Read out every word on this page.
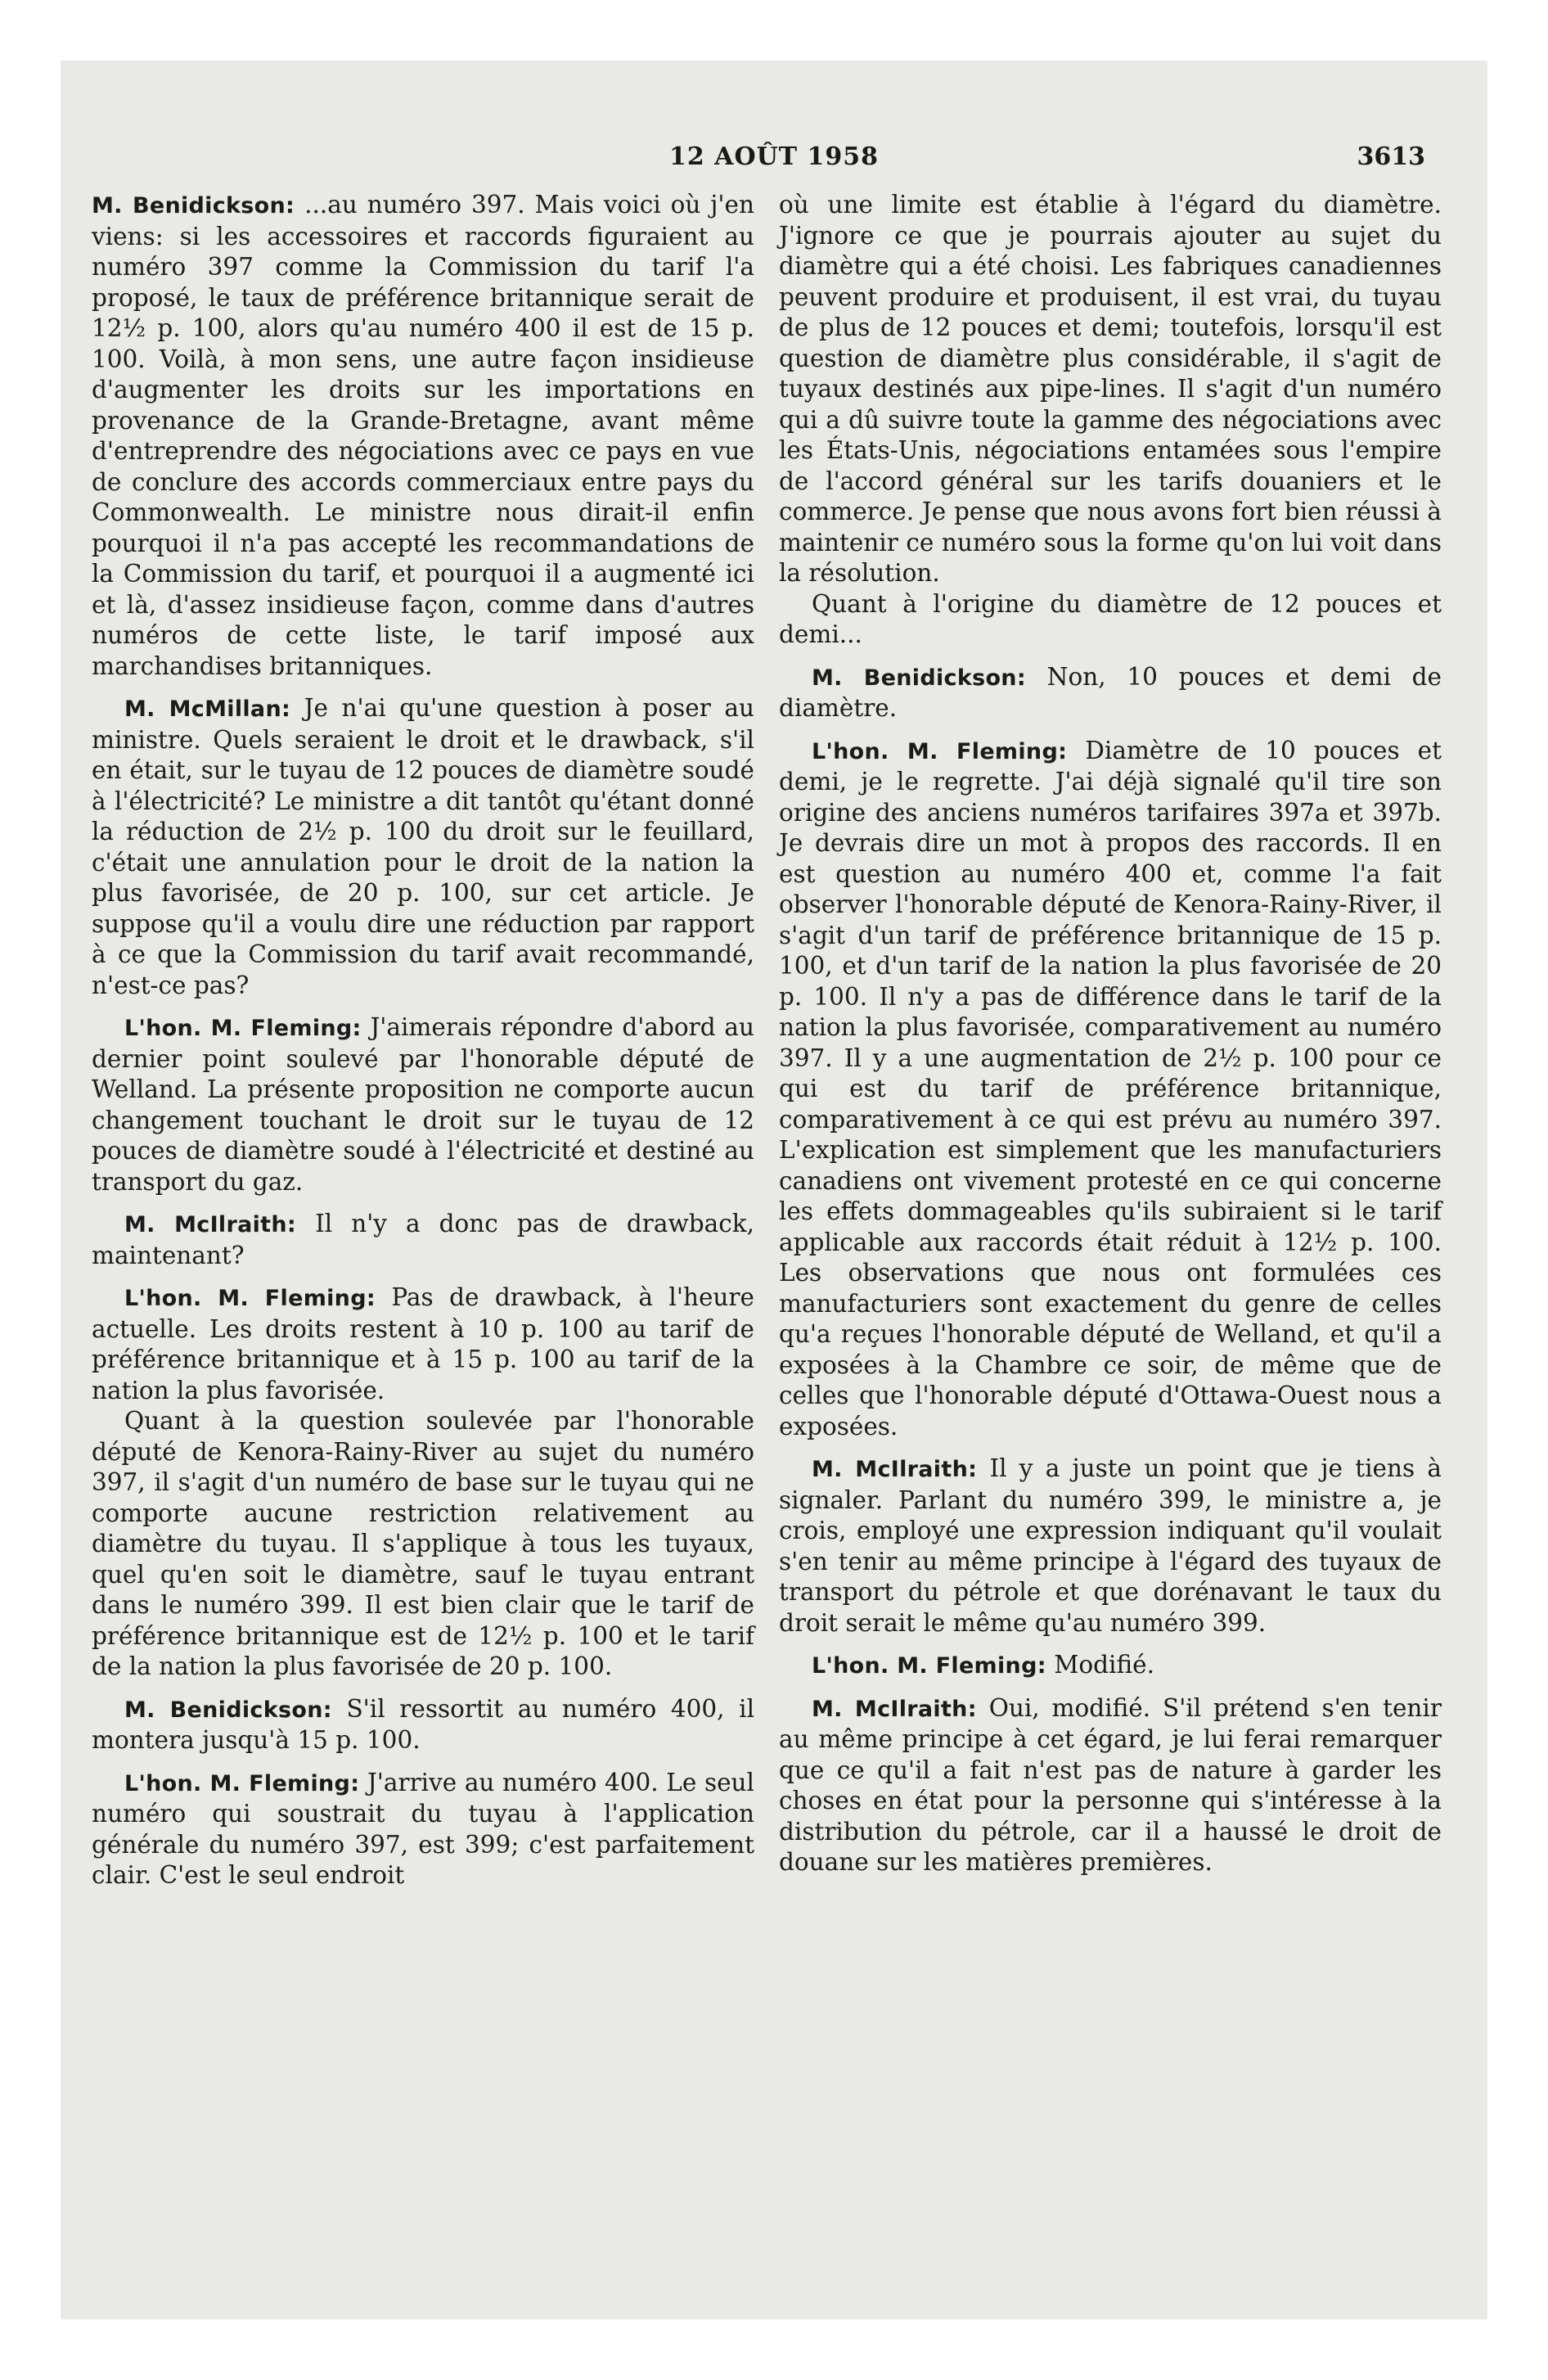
12 AOÛT 1958	3613

M. Benidickson: ...au numéro 397. Mais voici où j'en viens: si les accessoires et raccords figuraient au numéro 397 comme la Commission du tarif l'a proposé, le taux de préférence britannique serait de 12½ p. 100, alors qu'au numéro 400 il est de 15 p. 100. Voilà, à mon sens, une autre façon insidieuse d'augmenter les droits sur les importations en provenance de la Grande-Bretagne, avant même d'entreprendre des négociations avec ce pays en vue de conclure des accords commerciaux entre pays du Commonwealth. Le ministre nous dirait-il enfin pourquoi il n'a pas accepté les recommandations de la Commission du tarif, et pourquoi il a augmenté ici et là, d'assez insidieuse façon, comme dans d'autres numéros de cette liste, le tarif imposé aux marchandises britanniques.

M. McMillan: Je n'ai qu'une question à poser au ministre. Quels seraient le droit et le drawback, s'il en était, sur le tuyau de 12 pouces de diamètre soudé à l'électricité? Le ministre a dit tantôt qu'étant donné la réduction de 2½ p. 100 du droit sur le feuillard, c'était une annulation pour le droit de la nation la plus favorisée, de 20 p. 100, sur cet article. Je suppose qu'il a voulu dire une réduction par rapport à ce que la Commission du tarif avait recommandé, n'est-ce pas?

L'hon. M. Fleming: J'aimerais répondre d'abord au dernier point soulevé par l'honorable député de Welland. La présente proposition ne comporte aucun changement touchant le droit sur le tuyau de 12 pouces de diamètre soudé à l'électricité et destiné au transport du gaz.

M. McIlraith: Il n'y a donc pas de drawback, maintenant?

L'hon. M. Fleming: Pas de drawback, à l'heure actuelle. Les droits restent à 10 p. 100 au tarif de préférence britannique et à 15 p. 100 au tarif de la nation la plus favorisée.

Quant à la question soulevée par l'honorable député de Kenora-Rainy-River au sujet du numéro 397, il s'agit d'un numéro de base sur le tuyau qui ne comporte aucune restriction relativement au diamètre du tuyau. Il s'applique à tous les tuyaux, quel qu'en soit le diamètre, sauf le tuyau entrant dans le numéro 399. Il est bien clair que le tarif de préférence britannique est de 12½ p. 100 et le tarif de la nation la plus favorisée de 20 p. 100.

M. Benidickson: S'il ressortit au numéro 400, il montera jusqu'à 15 p. 100.

L'hon. M. Fleming: J'arrive au numéro 400. Le seul numéro qui soustrait du tuyau à l'application générale du numéro 397, est 399; c'est parfaitement clair. C'est le seul endroit

où une limite est établie à l'égard du diamètre. J'ignore ce que je pourrais ajouter au sujet du diamètre qui a été choisi. Les fabriques canadiennes peuvent produire et produisent, il est vrai, du tuyau de plus de 12 pouces et demi; toutefois, lorsqu'il est question de diamètre plus considérable, il s'agit de tuyaux destinés aux pipe-lines. Il s'agit d'un numéro qui a dû suivre toute la gamme des négociations avec les États-Unis, négociations entamées sous l'empire de l'accord général sur les tarifs douaniers et le commerce. Je pense que nous avons fort bien réussi à maintenir ce numéro sous la forme qu'on lui voit dans la résolution.

Quant à l'origine du diamètre de 12 pouces et demi...

M. Benidickson: Non, 10 pouces et demi de diamètre.

L'hon. M. Fleming: Diamètre de 10 pouces et demi, je le regrette. J'ai déjà signalé qu'il tire son origine des anciens numéros tarifaires 397a et 397b. Je devrais dire un mot à propos des raccords. Il en est question au numéro 400 et, comme l'a fait observer l'honorable député de Kenora-Rainy-River, il s'agit d'un tarif de préférence britannique de 15 p. 100, et d'un tarif de la nation la plus favorisée de 20 p. 100. Il n'y a pas de différence dans le tarif de la nation la plus favorisée, comparativement au numéro 397. Il y a une augmentation de 2½ p. 100 pour ce qui est du tarif de préférence britannique, comparativement à ce qui est prévu au numéro 397. L'explication est simplement que les manufacturiers canadiens ont vivement protesté en ce qui concerne les effets dommageables qu'ils subiraient si le tarif applicable aux raccords était réduit à 12½ p. 100. Les observations que nous ont formulées ces manufacturiers sont exactement du genre de celles qu'a reçues l'honorable député de Welland, et qu'il a exposées à la Chambre ce soir, de même que de celles que l'honorable député d'Ottawa-Ouest nous a exposées.

M. McIlraith: Il y a juste un point que je tiens à signaler. Parlant du numéro 399, le ministre a, je crois, employé une expression indiquant qu'il voulait s'en tenir au même principe à l'égard des tuyaux de transport du pétrole et que dorénavant le taux du droit serait le même qu'au numéro 399.

L'hon. M. Fleming: Modifié.

M. McIlraith: Oui, modifié. S'il prétend s'en tenir au même principe à cet égard, je lui ferai remarquer que ce qu'il a fait n'est pas de nature à garder les choses en état pour la personne qui s'intéresse à la distribution du pétrole, car il a haussé le droit de douane sur les matières premières.
